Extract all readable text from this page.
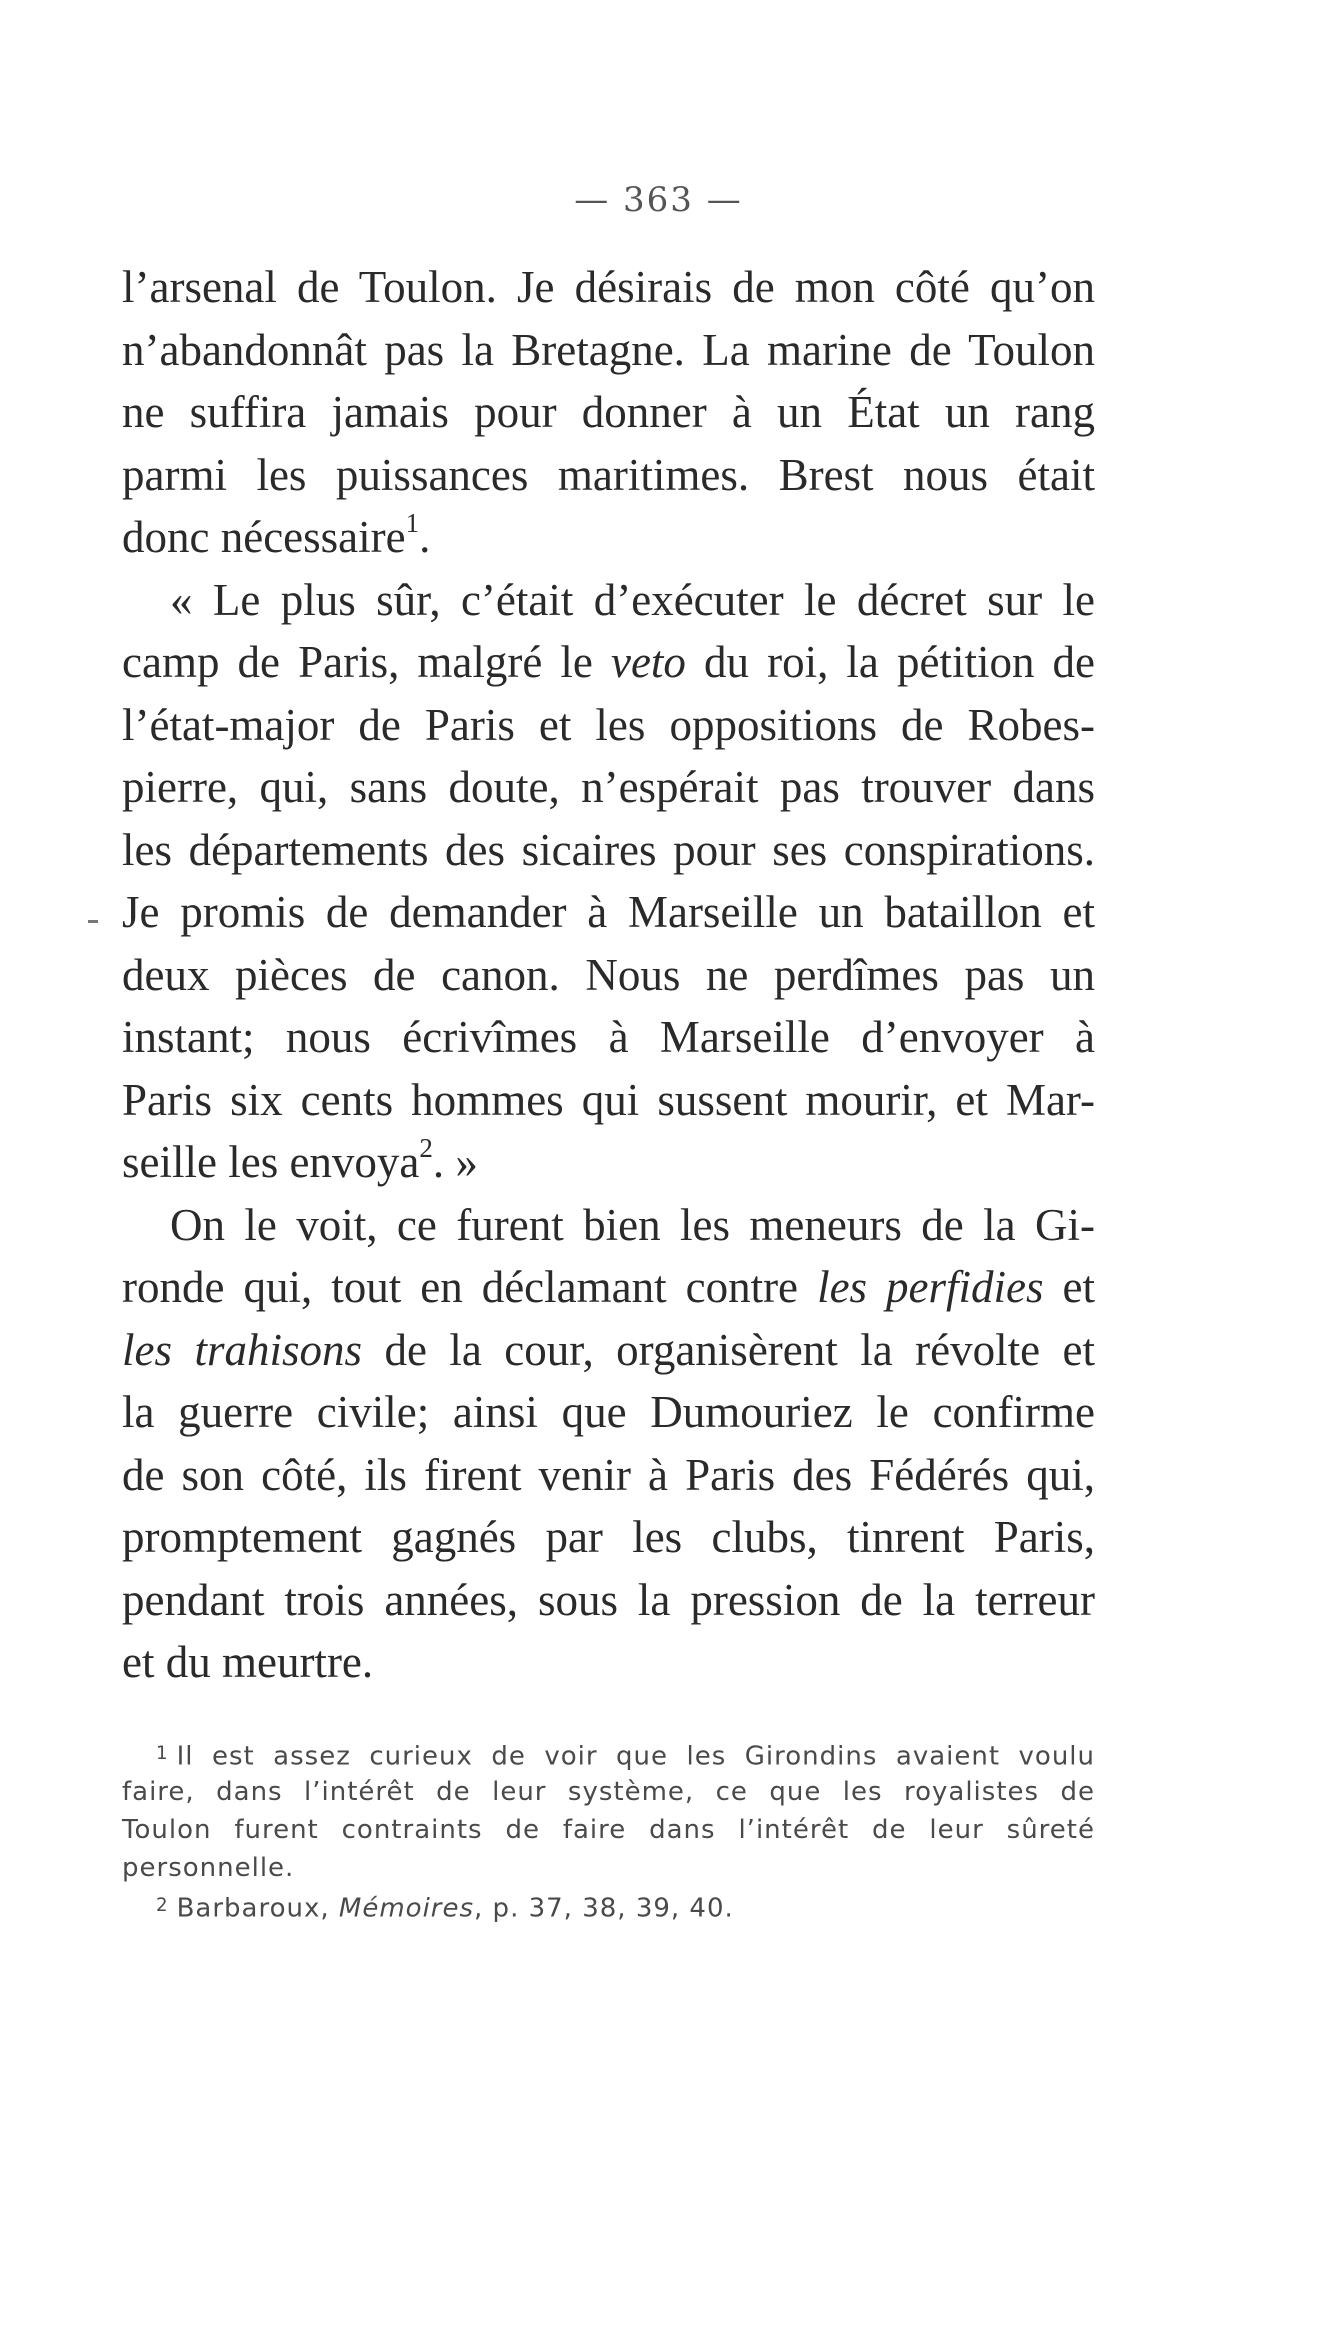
— 363 —
l’arsenal de Toulon. Je désirais de mon côté qu’on
n’abandonnât pas la Bretagne. La marine de Toulon
ne suffira jamais pour donner à un État un rang
parmi les puissances maritimes. Brest nous était
donc nécessaire$^1$.
« Le plus sûr, c’était d’exécuter le décret sur le
camp de Paris, malgré le veto du roi, la pétition de
l’état-major de Paris et les oppositions de Robes-
pierre, qui, sans doute, n’espérait pas trouver dans
les départements des sicaires pour ses conspirations.
Je promis de demander à Marseille un bataillon et
deux pièces de canon. Nous ne perdîmes pas un
instant; nous écrivîmes à Marseille d’envoyer à
Paris six cents hommes qui sussent mourir, et Mar-
seille les envoya$^2$. »
On le voit, ce furent bien les meneurs de la Gi-
ronde qui, tout en déclamant contre les perfidies et
les trahisons de la cour, organisèrent la révolte et
la guerre civile; ainsi que Dumouriez le confirme
de son côté, ils firent venir à Paris des Fédérés qui,
promptement gagnés par les clubs, tinrent Paris,
pendant trois années, sous la pression de la terreur
et du meurtre.
$^1$ Il est assez curieux de voir que les Girondins avaient voulu
faire, dans l’intérêt de leur système, ce que les royalistes de
Toulon furent contraints de faire dans l’intérêt de leur sûreté
personnelle.
$^2$ Barbaroux, Mémoires, p. 37, 38, 39, 40.
